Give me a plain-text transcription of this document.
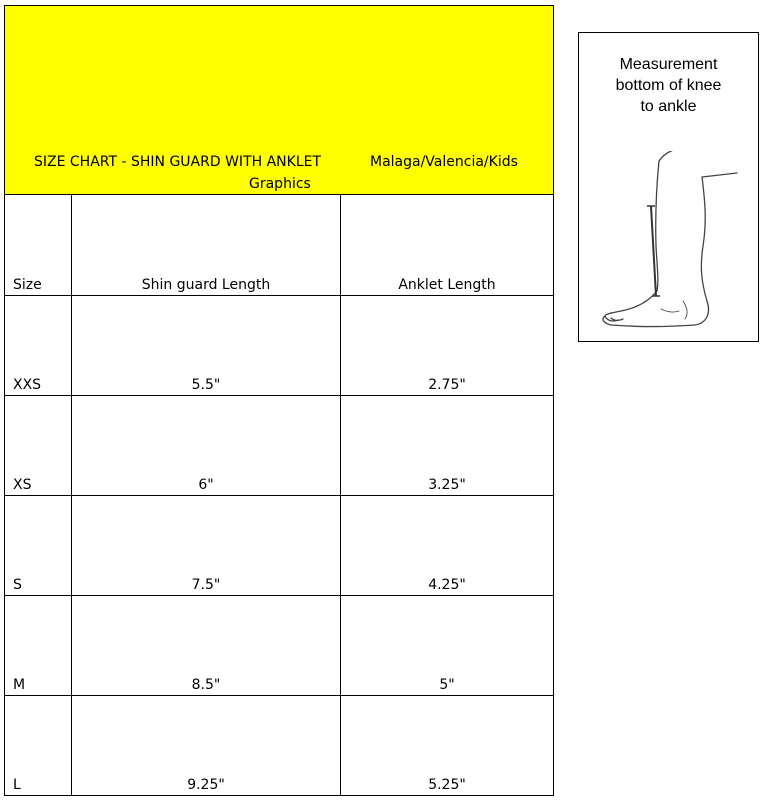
SIZE CHART - SHIN GUARD WITH ANKLET
Graphics
Malaga/Valencia/Kids
Size	Shin guard Length	Anklet Length
XXS	5.5"	2.75"
XS	6"	3.25"
S	7.5"	4.25"
M	8.5"	5"
L	9.25"	5.25"
Measurement
bottom of knee
to ankle
